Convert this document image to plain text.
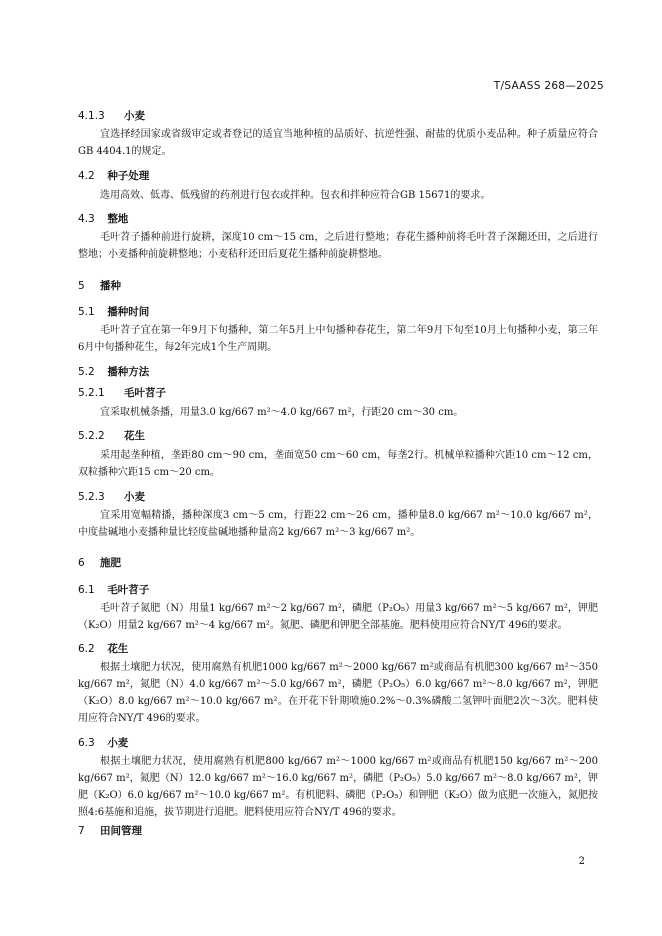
T/SAASS 268—2025
4.1.3 小麦
宜选择经国家或省级审定或者登记的适宜当地种植的品质好、抗逆性强、耐盐的优质小麦品种。种子质量应符合GB 4404.1的规定。
4.2 种子处理
选用高效、低毒、低残留的药剂进行包衣或拌种。包衣和拌种应符合GB 15671的要求。
4.3 整地
毛叶苕子播种前进行旋耕，深度10 cm～15 cm，之后进行整地；春花生播种前将毛叶苕子深翻还田，之后进行整地；小麦播种前旋耕整地；小麦秸秆还田后夏花生播种前旋耕整地。
5 播种
5.1 播种时间
毛叶苕子宜在第一年9月下旬播种，第二年5月上中旬播种春花生，第二年9月下旬至10月上旬播种小麦，第三年6月中旬播种花生，每2年完成1个生产周期。
5.2 播种方法
5.2.1 毛叶苕子
宜采取机械条播，用量3.0 kg/667 m²～4.0 kg/667 m²，行距20 cm～30 cm。
5.2.2 花生
采用起垄种植，垄距80 cm～90 cm，垄面宽50 cm～60 cm，每垄2行。机械单粒播种穴距10 cm～12 cm，双粒播种穴距15 cm～20 cm。
5.2.3 小麦
宜采用宽幅精播，播种深度3 cm～5 cm，行距22 cm～26 cm，播种量8.0 kg/667 m²～10.0 kg/667 m²，中度盐碱地小麦播种量比轻度盐碱地播种量高2 kg/667 m²～3 kg/667 m²。
6 施肥
6.1 毛叶苕子
毛叶苕子氮肥（N）用量1 kg/667 m²～2 kg/667 m²，磷肥（P₂O₅）用量3 kg/667 m²～5 kg/667 m²，钾肥（K₂O）用量2 kg/667 m²～4 kg/667 m²。氮肥、磷肥和钾肥全部基施。肥料使用应符合NY/T 496的要求。
6.2 花生
根据土壤肥力状况，使用腐熟有机肥1000 kg/667 m²～2000 kg/667 m²或商品有机肥300 kg/667 m²～350 kg/667 m²，氮肥（N）4.0 kg/667 m²～5.0 kg/667 m²，磷肥（P₂O₅）6.0 kg/667 m²～8.0 kg/667 m²，钾肥（K₂O）8.0 kg/667 m²～10.0 kg/667 m²。在开花下针期喷施0.2%～0.3%磷酸二氢钾叶面肥2次～3次。肥料使用应符合NY/T 496的要求。
6.3 小麦
根据土壤肥力状况，使用腐熟有机肥800 kg/667 m²～1000 kg/667 m²或商品有机肥150 kg/667 m²～200 kg/667 m²，氮肥（N）12.0 kg/667 m²～16.0 kg/667 m²，磷肥（P₂O₅）5.0 kg/667 m²～8.0 kg/667 m²，钾肥（K₂O）6.0 kg/667 m²～10.0 kg/667 m²。有机肥料、磷肥（P₂O₅）和钾肥（K₂O）做为底肥一次施入，氮肥按照4:6基施和追施，拔节期进行追肥。肥料使用应符合NY/T 496的要求。
7 田间管理
2
